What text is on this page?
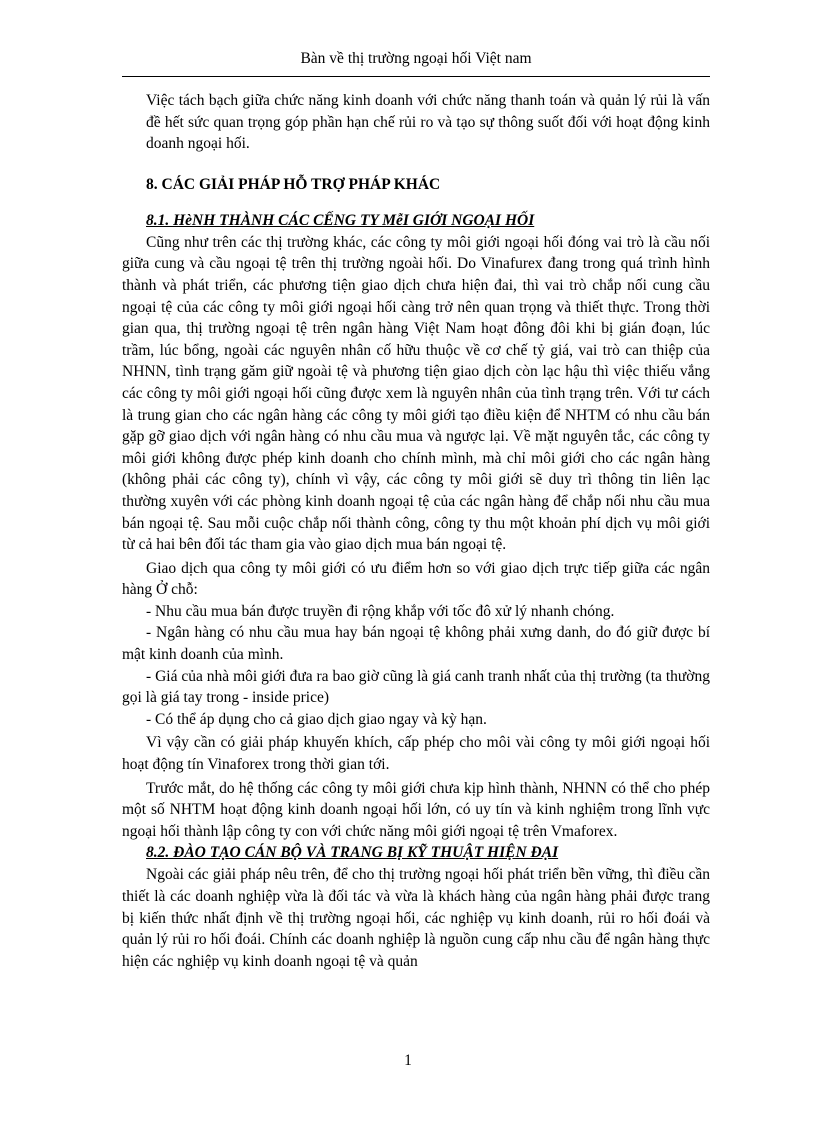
Bàn về thị trường ngoại hối Việt nam

Việc tách bạch giữa chức năng kinh doanh với chức năng thanh toán và quản lý rủi là vấn đề hết sức quan trọng góp phần hạn chế rủi ro và tạo sự thông suốt đối với hoạt động kinh doanh ngoại hối.

8. CÁC GIẢI PHÁP HỖ TRỢ PHÁP KHÁC

8.1. HèNH THÀNH CÁC CẾNG TY MễI GIỚI NGOẠI HỐI

Cũng như trên các thị trường khác, các công ty môi giới ngoại hối đóng vai trò là cầu nối giữa cung và cầu ngoại tệ trên thị trường ngoài hối. Do Vinafurex đang trong quá trình hình thành và phát triển, các phương tiện giao dịch chưa hiện đai, thì vai trò chắp nối cung cầu ngoại tệ của các công ty môi giới ngoại hối càng trở nên quan trọng và thiết thực. Trong thời gian qua, thị trường ngoại tệ trên ngân hàng Việt Nam hoạt đông đôi khi bị gián đoạn, lúc trầm, lúc bổng, ngoài các nguyên nhân cố hữu thuộc về cơ chế tỷ giá, vai trò can thiệp của NHNN, tình trạng găm giữ ngoài tệ và phương tiện giao dịch còn lạc hậu thì việc thiếu vắng các công ty môi giới ngoại hối cũng được xem là nguyên nhân của tình trạng trên. Với tư cách là trung gian cho các ngân hàng các công ty môi giới tạo điều kiện để NHTM có nhu cầu bán gặp gỡ giao dịch với ngân hàng có nhu cầu mua và ngược lại. Về mặt nguyên tắc, các công ty môi giới không được phép kinh doanh cho chính mình, mà chỉ môi giới cho các ngân hàng (không phải các công ty), chính vì vậy, các công ty môi giới sẽ duy trì thông tin liên lạc thường xuyên với các phòng kinh doanh ngoại tệ của các ngân hàng để chắp nối nhu cầu mua bán ngoại tệ. Sau mỗi cuộc chắp nối thành công, công ty thu một khoản phí dịch vụ môi giới từ cả hai bên đối tác tham gia vào giao dịch mua bán ngoại tệ.

Giao dịch qua công ty môi giới có ưu điểm hơn so với giao dịch trực tiếp giữa các ngân hàng Ở chỗ:

- Nhu cầu mua bán được truyền đi rộng khắp với tốc đô xử lý nhanh chóng.

- Ngân hàng có nhu cầu mua hay bán ngoại tệ không phải xưng danh, do đó giữ được bí mật kinh doanh của mình.

- Giá của nhà môi giới đưa ra bao giờ cũng là giá canh tranh nhất của thị trường (ta thường gọi là giá tay trong - inside price)

- Có thể áp dụng cho cả giao dịch giao ngay và kỳ hạn.

Vì vậy cần có giải pháp khuyến khích, cấp phép cho môi vài công ty môi giới ngoại hối hoạt động tín Vinaforex trong thời gian tới.

Trước mắt, do hệ thống các công ty môi giới chưa kịp hình thành, NHNN có thể cho phép một số NHTM hoạt động kinh doanh ngoại hối lớn, có uy tín và kinh nghiệm trong lĩnh vực ngoại hối thành lập công ty con với chức năng môi giới ngoại tệ trên Vmaforex.

8.2. ĐÀO TẠO CÁN BỘ VÀ TRANG BỊ KỸ THUẬT HIỆN ĐẠI

Ngoài các giải pháp nêu trên, để cho thị trường ngoại hối phát triển bền vững, thì điều cần thiết là các doanh nghiệp vừa là đối tác và vừa là khách hàng của ngân hàng phải được trang bị kiến thức nhất định về thị trường ngoại hối, các nghiệp vụ kinh doanh, rủi ro hối đoái và quản lý rủi ro hối đoái. Chính các doanh nghiệp là nguồn cung cấp nhu cầu để ngân hàng thực hiện các nghiệp vụ kinh doanh ngoại tệ và quản

1
